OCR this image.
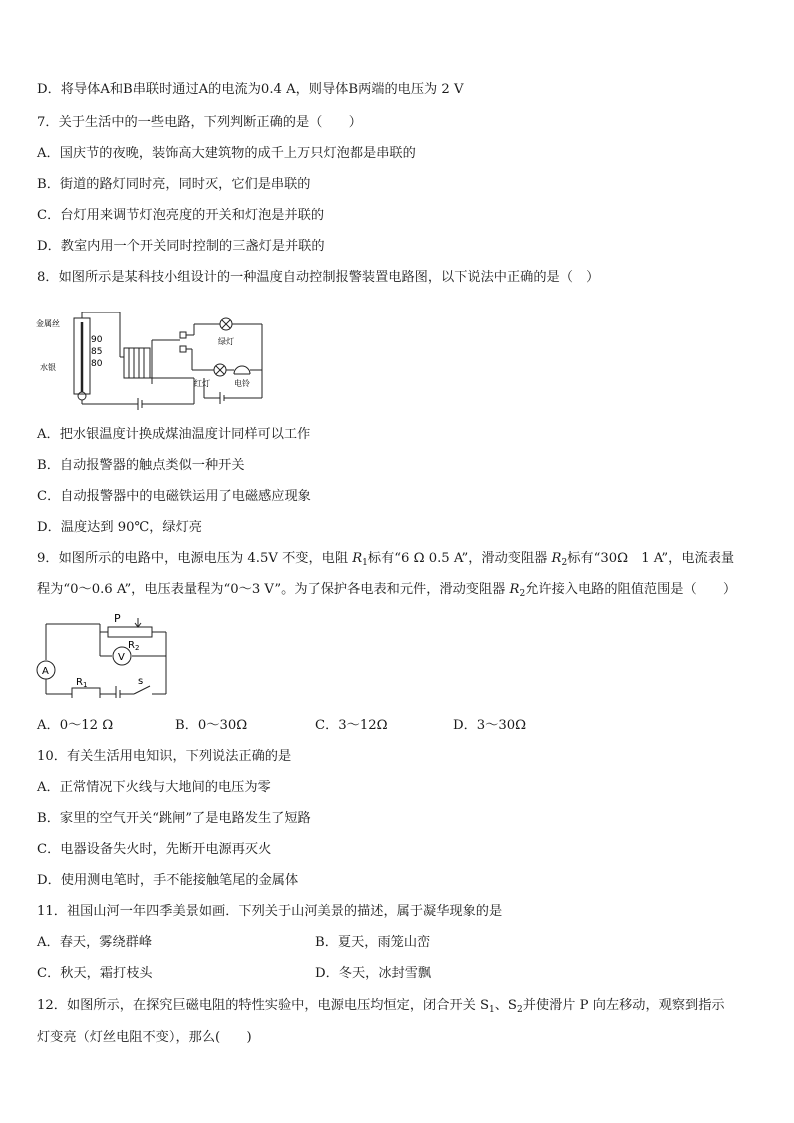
D．将导体A和B串联时通过A的电流为0.4 A，则导体B两端的电压为 2 V
7．关于生活中的一些电路，下列判断正确的是（　　）
A．国庆节的夜晚，装饰高大建筑物的成千上万只灯泡都是串联的
B．街道的路灯同时亮，同时灭，它们是串联的
C．台灯用来调节灯泡亮度的开关和灯泡是并联的
D．教室内用一个开关同时控制的三盏灯是并联的
8．如图所示是某科技小组设计的一种温度自动控制报警装置电路图，以下说法中正确的是（　）
金属丝
水银
90
85
80
绿灯
红灯	电铃
A．把水银温度计换成煤油温度计同样可以工作
B．自动报警器的触点类似一种开关
C．自动报警器中的电磁铁运用了电磁感应现象
D．温度达到 90℃，绿灯亮
9．如图所示的电路中，电源电压为 4.5V 不变，电阻 $R_1$标有“6 Ω 0.5 A”，滑动变阻器 $R_2$标有“30Ω　1 A”，电流表量
程为“0～0.6 A”，电压表量程为“0～3 V”。为了保护各电表和元件，滑动变阻器 $R_2$允许接入电路的阻值范围是（　　）
P
$R_2$
V
A
$R_1$	s
A．0～12 Ω	B．0～30Ω	C．3～12Ω	D．3～30Ω
10．有关生活用电知识，下列说法正确的是
A．正常情况下火线与大地间的电压为零
B．家里的空气开关“跳闸”了是电路发生了短路
C．电器设备失火时，先断开电源再灭火
D．使用测电笔时，手不能接触笔尾的金属体
11．祖国山河一年四季美景如画．下列关于山河美景的描述，属于凝华现象的是
A．春天，雾绕群峰	B．夏天，雨笼山峦
C．秋天，霜打枝头	D．冬天，冰封雪飘
12．如图所示，在探究巨磁电阻的特性实验中，电源电压均恒定，闭合开关 $S_1$、$S_2$并使滑片 P 向左移动，观察到指示
灯变亮（灯丝电阻不变），那么(　　)
